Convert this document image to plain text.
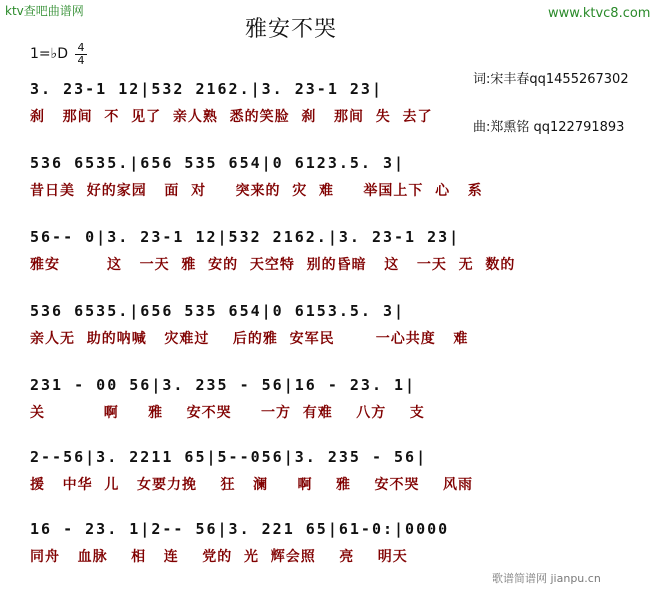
ktv查吧曲谱网	www.ktvc8.com
雅安不哭
1=♭D 4
4

词:宋丰春qq1455267302

曲:郑熏铭 qq122791893

3. 23-1 12|532 2162.|3. 23-1 23|
刹   那间  不  见了  亲人熟  悉的笑脸  刹   那间  失  去了
536 6535.|656 535 654|0 6123.5. 3|
昔日美  好的家园   面  对     突来的  灾  难     举国上下  心   系
56-- 0|3. 23-1 12|532 2162.|3. 23-1 23|
雅安        这   一天  雅  安的  天空特  别的昏暗   这   一天  无  数的
536 6535.|656 535 654|0 6153.5. 3|
亲人无  助的呐喊   灾难过    后的雅  安军民       一心共度   难
231 - 00 56|3. 235 - 56|16 - 23. 1|
关          啊     雅    安不哭     一方  有难    八方    支
2--56|3. 2211 65|5--056|3. 235 - 56|
援   中华  儿   女要力挽    狂   澜     啊    雅    安不哭    风雨
16 - 23. 1|2-- 56|3. 221 65|61-0:|0000
同舟   血脉    相   连    党的  光  辉会照    亮    明天
歌谱简谱网 jianpu.cn
